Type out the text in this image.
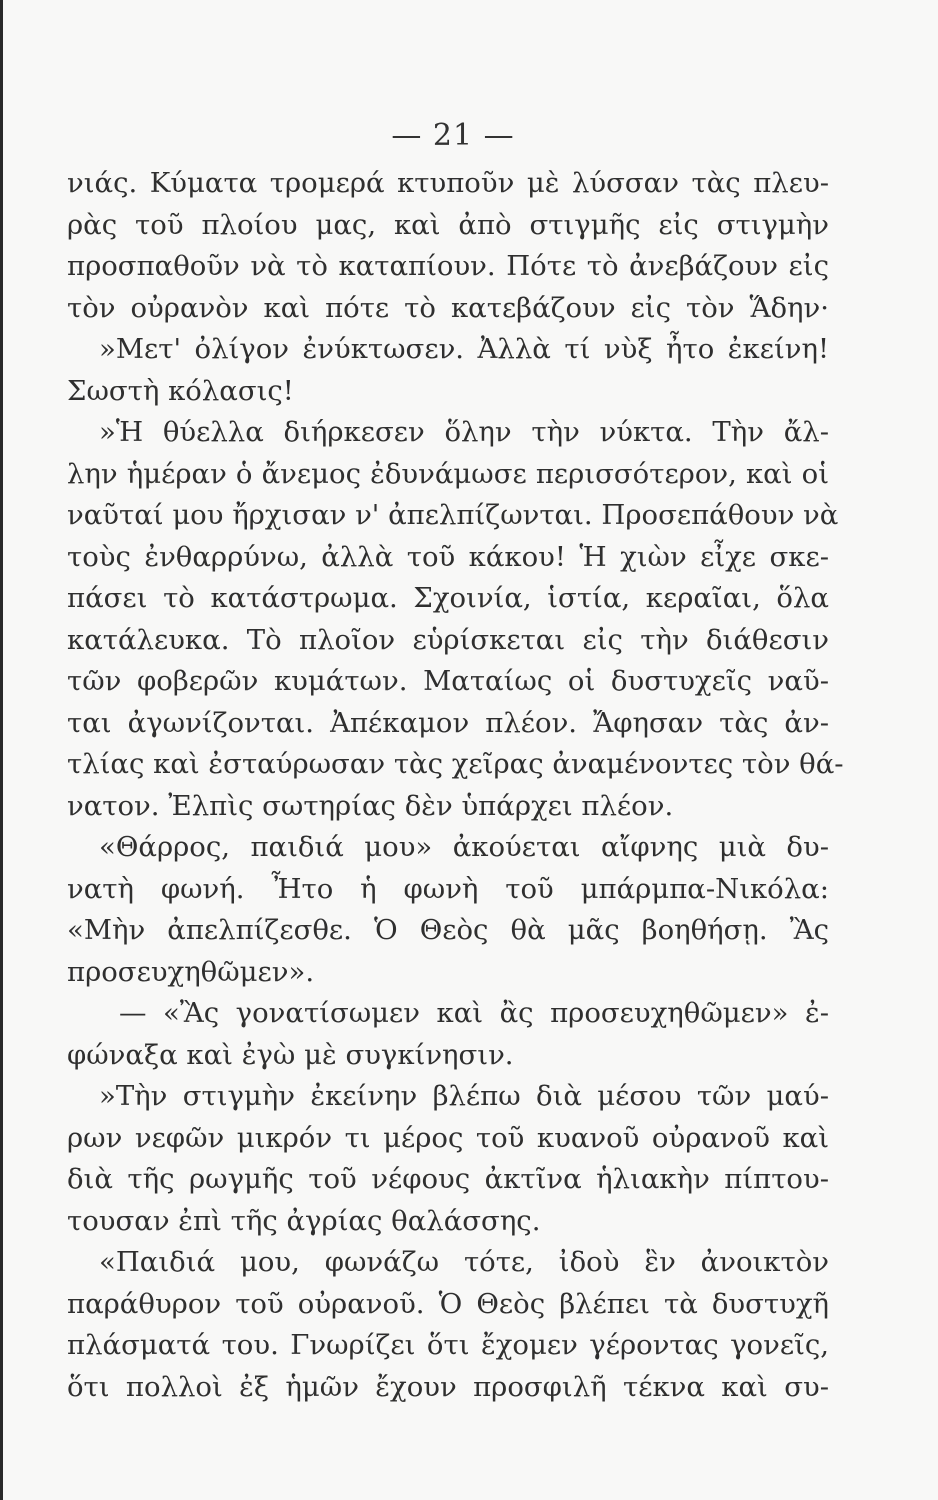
— 21 —
νιάς. Κύματα τρομερά κτυποῦν μὲ λύσσαν τὰς πλευ-
ρὰς τοῦ πλοίου μας, καὶ ἀπὸ στιγμῆς εἰς στιγμὴν
προσπαθοῦν νὰ τὸ καταπίουν. Πότε τὸ ἀνεβάζουν εἰς
τὸν οὐρανὸν καὶ πότε τὸ κατεβάζουν εἰς τὸν Ἅδην·
»Μετ' ὀλίγον ἐνύκτωσεν. Ἀλλὰ τί νὺξ ἦτο ἐκείνη!
Σωστὴ κόλασις!
»Ἡ θύελλα διήρκεσεν ὅλην τὴν νύκτα. Τὴν ἄλ-
λην ἡμέραν ὁ ἄνεμος ἐδυνάμωσε περισσότερον, καὶ οἱ
ναῦταί μου ἤρχισαν ν' ἀπελπίζωνται. Προσεπάθουν νὰ
τοὺς ἐνθαρρύνω, ἀλλὰ τοῦ κάκου! Ἡ χιὼν εἶχε σκε-
πάσει τὸ κατάστρωμα. Σχοινία, ἱστία, κεραῖαι, ὅλα
κατάλευκα. Τὸ πλοῖον εὑρίσκεται εἰς τὴν διάθεσιν
τῶν φοβερῶν κυμάτων. Ματαίως οἱ δυστυχεῖς ναῦ-
ται ἀγωνίζονται. Ἀπέκαμον πλέον. Ἄφησαν τὰς ἀν-
τλίας καὶ ἐσταύρωσαν τὰς χεῖρας ἀναμένοντες τὸν θά-
νατον. Ἐλπὶς σωτηρίας δὲν ὑπάρχει πλέον.
«Θάρρος, παιδιά μου» ἀκούεται αἴφνης μιὰ δυ-
νατὴ φωνή. Ἦτο ἡ φωνὴ τοῦ μπάρμπα-Νικόλα:
«Μὴν ἀπελπίζεσθε. Ὁ Θεὸς θὰ μᾶς βοηθήσῃ. Ἂς
προσευχηθῶμεν».
— «Ἂς γονατίσωμεν καὶ ἂς προσευχηθῶμεν» ἐ-
φώναξα καὶ ἐγὼ μὲ συγκίνησιν.
»Τὴν στιγμὴν ἐκείνην βλέπω διὰ μέσου τῶν μαύ-
ρων νεφῶν μικρόν τι μέρος τοῦ κυανοῦ οὐρανοῦ καὶ
διὰ τῆς ρωγμῆς τοῦ νέφους ἀκτῖνα ἡλιακὴν πίπτου-
τουσαν ἐπὶ τῆς ἀγρίας θαλάσσης.
«Παιδιά μου, φωνάζω τότε, ἰδοὺ ἓν ἀνοικτὸν
παράθυρον τοῦ οὐρανοῦ. Ὁ Θεὸς βλέπει τὰ δυστυχῆ
πλάσματά του. Γνωρίζει ὅτι ἔχομεν γέροντας γονεῖς,
ὅτι πολλοὶ ἐξ ἡμῶν ἔχουν προσφιλῆ τέκνα καὶ συ-
